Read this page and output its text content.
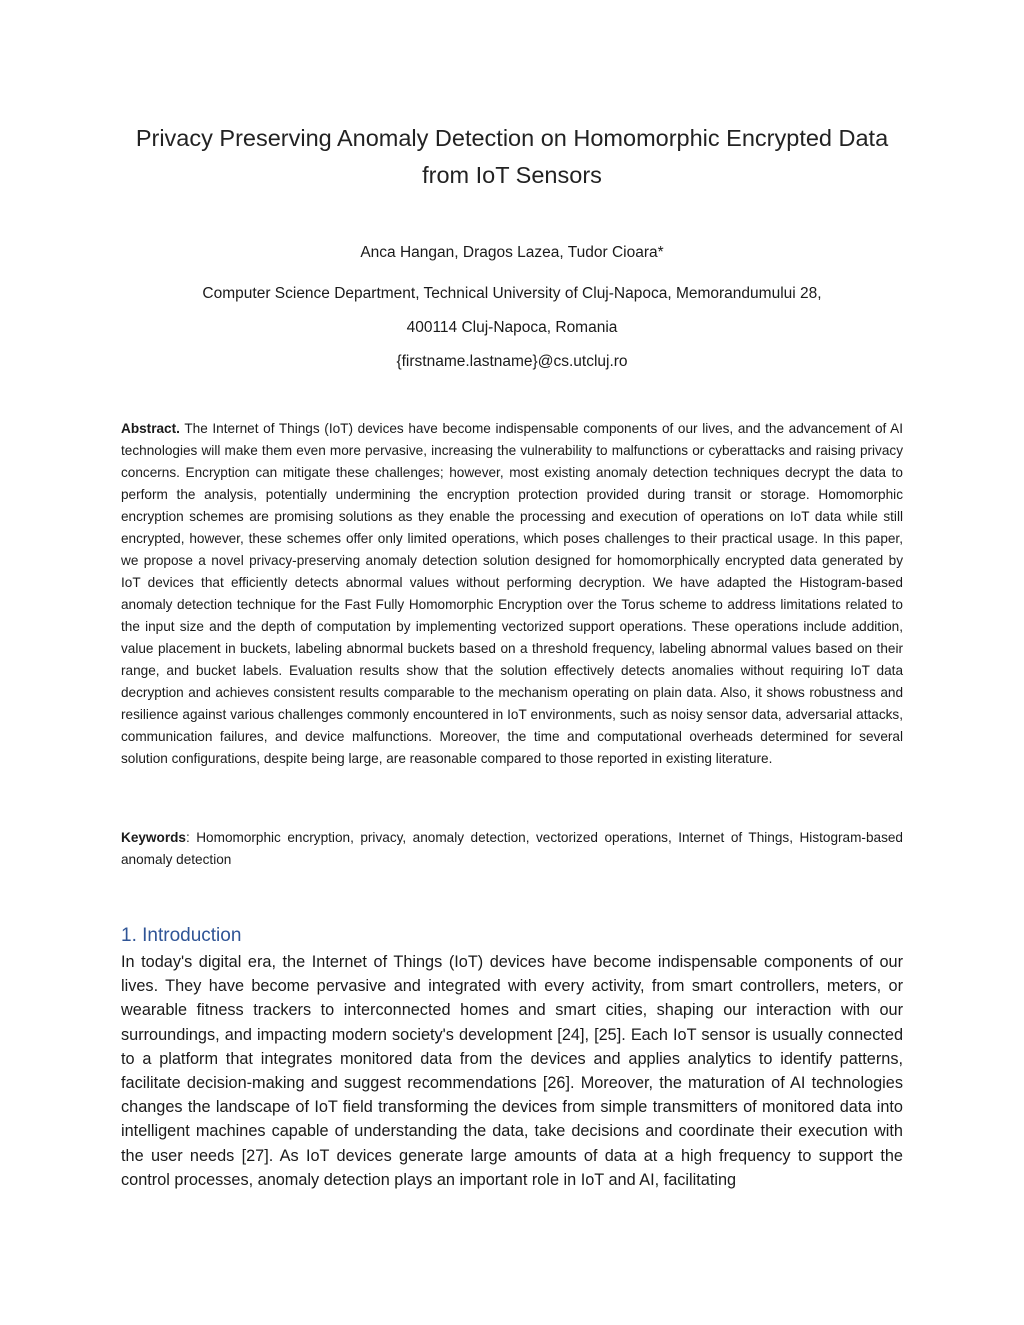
Privacy Preserving Anomaly Detection on Homomorphic Encrypted Data
from IoT Sensors
Anca Hangan, Dragos Lazea, Tudor Cioara*
Computer Science Department, Technical University of Cluj-Napoca, Memorandumului 28,
400114 Cluj-Napoca, Romania
{firstname.lastname}@cs.utcluj.ro
Abstract. The Internet of Things (IoT) devices have become indispensable components of our lives, and the advancement of AI technologies will make them even more pervasive, increasing the vulnerability to malfunctions or cyberattacks and raising privacy concerns. Encryption can mitigate these challenges; however, most existing anomaly detection techniques decrypt the data to perform the analysis, potentially undermining the encryption protection provided during transit or storage. Homomorphic encryption schemes are promising solutions as they enable the processing and execution of operations on IoT data while still encrypted, however, these schemes offer only limited operations, which poses challenges to their practical usage. In this paper, we propose a novel privacy-preserving anomaly detection solution designed for homomorphically encrypted data generated by IoT devices that efficiently detects abnormal values without performing decryption. We have adapted the Histogram-based anomaly detection technique for the Fast Fully Homomorphic Encryption over the Torus scheme to address limitations related to the input size and the depth of computation by implementing vectorized support operations. These operations include addition, value placement in buckets, labeling abnormal buckets based on a threshold frequency, labeling abnormal values based on their range, and bucket labels. Evaluation results show that the solution effectively detects anomalies without requiring IoT data decryption and achieves consistent results comparable to the mechanism operating on plain data. Also, it shows robustness and resilience against various challenges commonly encountered in IoT environments, such as noisy sensor data, adversarial attacks, communication failures, and device malfunctions. Moreover, the time and computational overheads determined for several solution configurations, despite being large, are reasonable compared to those reported in existing literature.
Keywords: Homomorphic encryption, privacy, anomaly detection, vectorized operations, Internet of Things, Histogram-based anomaly detection
1. Introduction
In today's digital era, the Internet of Things (IoT) devices have become indispensable components of our lives. They have become pervasive and integrated with every activity, from smart controllers, meters, or wearable fitness trackers to interconnected homes and smart cities, shaping our interaction with our surroundings, and impacting modern society's development [24], [25]. Each IoT sensor is usually connected to a platform that integrates monitored data from the devices and applies analytics to identify patterns, facilitate decision-making and suggest recommendations [26]. Moreover, the maturation of AI technologies changes the landscape of IoT field transforming the devices from simple transmitters of monitored data into intelligent machines capable of understanding the data, take decisions and coordinate their execution with the user needs [27]. As IoT devices generate large amounts of data at a high frequency to support the control processes, anomaly detection plays an important role in IoT and AI, facilitating
